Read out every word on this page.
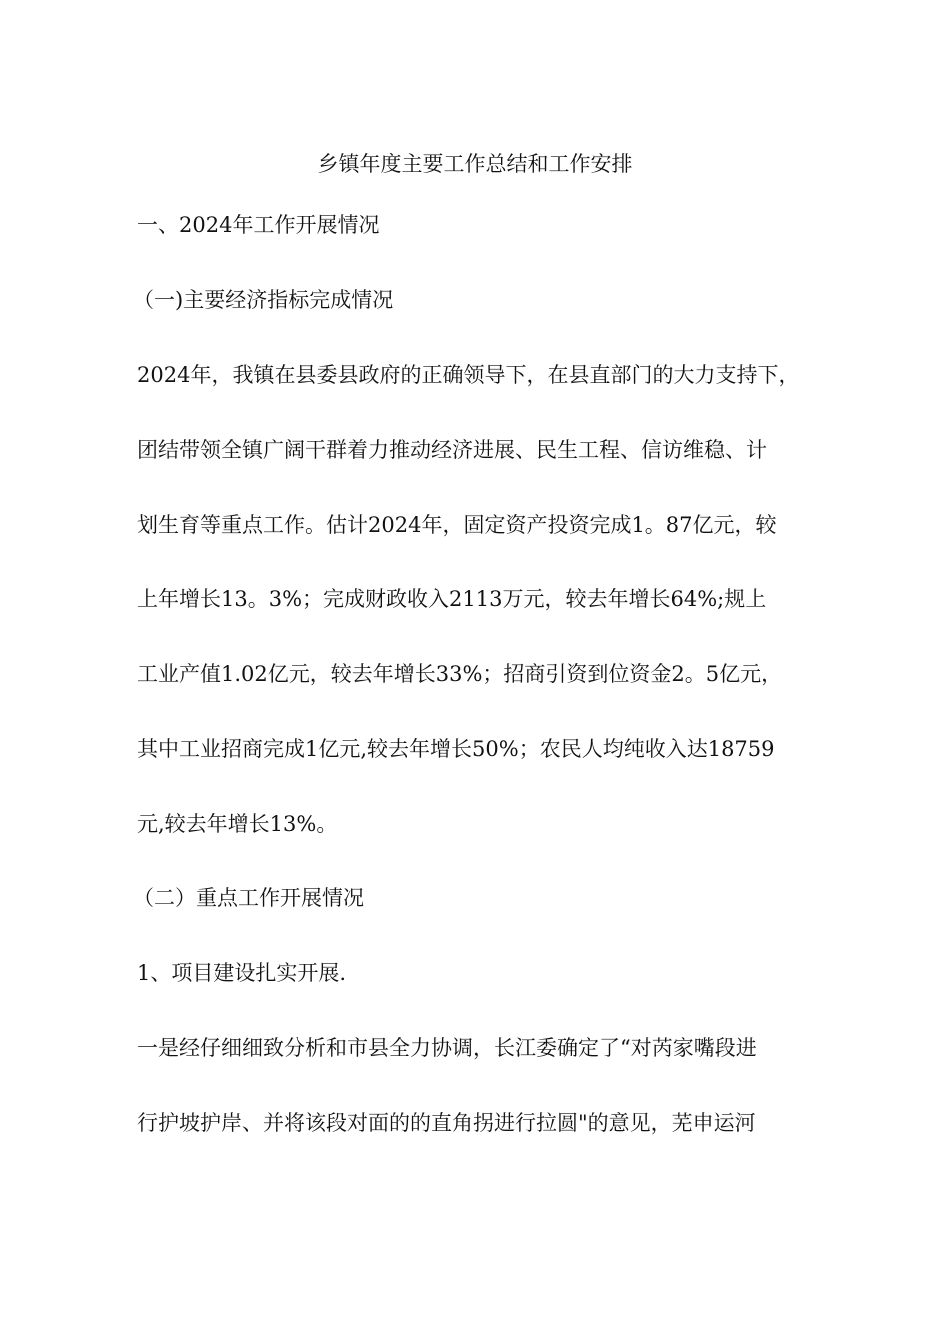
乡镇年度主要工作总结和工作安排

一、2024年工作开展情况

（一)主要经济指标完成情况

2024年，我镇在县委县政府的正确领导下，在县直部门的大力支持下，

团结带领全镇广阔干群着力推动经济进展、民生工程、信访维稳、计

划生育等重点工作。估计2024年，固定资产投资完成1。87亿元，较

上年增长13。3%；完成财政收入2113万元，较去年增长64%;规上

工业产值1.02亿元，较去年增长33%；招商引资到位资金2。5亿元，

其中工业招商完成1亿元,较去年增长50%；农民人均纯收入达18759

元,较去年增长13%。

（二）重点工作开展情况

1、项目建设扎实开展.

一是经仔细细致分析和市县全力协调，长江委确定了“对芮家嘴段进

行护坡护岸、并将该段对面的的直角拐进行拉圆"的意见，芜申运河
